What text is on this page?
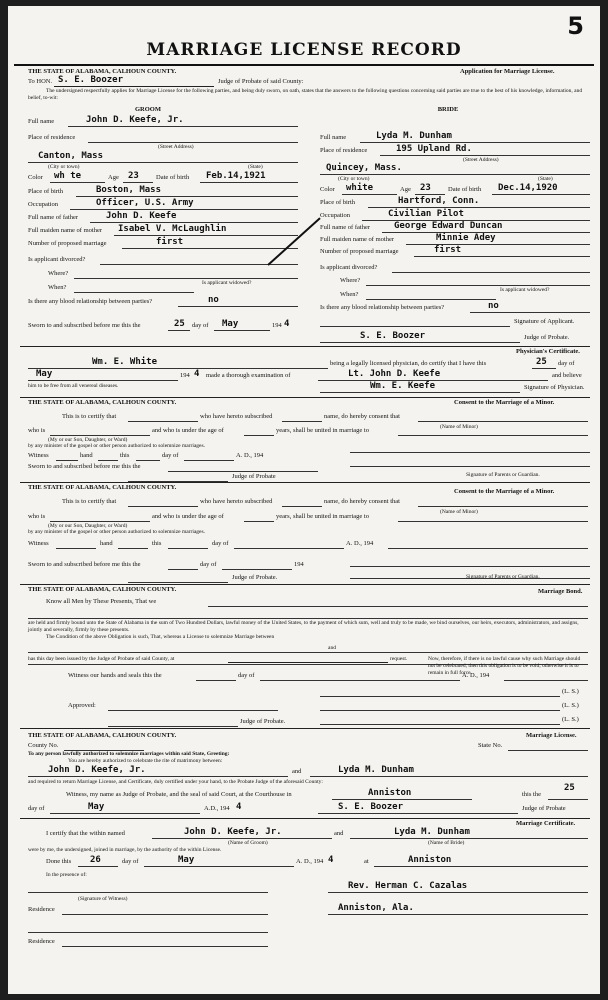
5
MARRIAGE LICENSE RECORD
THE STATE OF ALABAMA, CALHOUN COUNTY.	Application for Marriage License.
To HON. S. E. Boozer	Judge of Probate of said County:
The undersigned respectfully applies for Marriage License for the following parties, and being duly sworn, on oath, states that the answers to the following questions concerning said parties are true to the best of his knowledge, information, and belief, to-wit:
GROOM	BRIDE
Full name	John D. Keefe, Jr.
Place of residence
(Street Address)
Canton, Mass
(City or town)	(State)
Color wh te	Age 23	Date of birth Feb.14,1921
Place of birth	Boston, Mass
Occupation	Officer, U.S. Army
Full name of father	John D. Keefe
Full maiden name of mother Isabel V. McLaughlin
Number of proposed marriage	first
Is applicant divorced?
Where?
Is applicant widowed?
When?
Is there any blood relationship between parties?	no
Full name	Lyda M. Dunham
Place of residence	195 Upland Rd.
(Street Address)
Quincey, Mass.
(City or town)	(State)
Color white	Age 23	Date of birth Dec.14,1920
Place of birth	Hartford, Conn.
Occupation	Civilian Pilot
Full name of father	George Edward Duncan
Full maiden name of mother	Minnie Adey
Number of proposed marriage	first
Is applicant divorced?
Where?
Is applicant widowed?
When?
Is there any blood relationship between parties?	no
Sworn to and subscribed before me this the	25 day of May	194 4	Signature of Applicant.
S. E. Boozer	Judge of Probate.
Physician's Certificate.
Wm. E. White	being a legally licensed physician, do certify that I have this	25 day of
May	194 4 made a thorough examination of	Lt. John D. Keefe	and believe
him to be free from all venereal diseases.	Wm. E. Keefe	Signature of Physician.
THE STATE OF ALABAMA, CALHOUN COUNTY.	Consent to the Marriage of a Minor.
This is to certify that	who have hereto subscribed	name, do hereby consent that
(Name of Minor)
who is	and who is under the age of	years, shall be united in marriage to
(My or our Son, Daughter, or Ward)
by any minister of the gospel or other person authorized to solemnize marriages.
Witness	hand	this	day of	A. D., 194
Sworn to and subscribed before me this the
Judge of Probate	Signature of Parents or Guardian.
THE STATE OF ALABAMA, CALHOUN COUNTY.
Consent to the Marriage of a Minor.
This is to certify that	who have hereto subscribed	name, do hereby consent that
(Name of Minor)
who is	and who is under the age of	years, shall be united in marriage to
(My or our Son, Daughter, or Ward)
by any minister of the gospel or other person authorized to solemnize marriages.
Witness	hand	this	day of	A. D., 194
Sworn to and subscribed before me this the	day of	194
Judge of Probate.	Signature of Parents or Guardian.
THE STATE OF ALABAMA, CALHOUN COUNTY.	Marriage Bond.
Know all Men by These Presents, That we
are held and firmly bound unto the State of Alabama in the sum of Two Hundred Dollars, lawful money of the United States, to the payment of which sum, well and truly to be made, we bind ourselves, our heirs, executors, administrators, and assigns, jointly and severally, firmly by these presents.
The Condition of the above Obligation is such, That, whereas a License to solemnize Marriage between
and
has this day been issued by the Judge of Probate of said County, at	request.	Now, therefore, if there is no lawful cause why such Marriage should not be celebrated, then this obligation is to be void; otherwise it is to remain in full force.
Witness our hands and seals this the	day of	A. D., 194
(L. S.)
Approved:	(L. S.)
(L. S.)
Judge of Probate.
THE STATE OF ALABAMA, CALHOUN COUNTY.	Marriage License.
County No.	State No.
To any person lawfully authorized to solemnize marriages within said State, Greeting:
You are hereby authorized to celebrate the rite of matrimony between:
John D. Keefe, Jr.	and	Lyda M. Dunham
and required to return Marriage License, and Certificate, duly certified under your hand, to the Probate Judge of the aforesaid County:
Witness, my name as Judge of Probate, and the seal of said Court, at the Courthouse in	Anniston	this the
25
day of	May	A.D., 194 4	S. E. Boozer	Judge of Probate
Marriage Certificate.
I certify that the within named	John D. Keefe, Jr.	and	Lyda M. Dunham
(Name of Groom)	(Name of Bride)
were by me, the undersigned, joined in marriage, by the authority of the within License.
Done this 26	day of	May	A. D., 194 4	at	Anniston
In the presence of:
Rev. Herman C. Cazalas
(Signature of Witness)
Residence	Anniston, Ala.
Residence
